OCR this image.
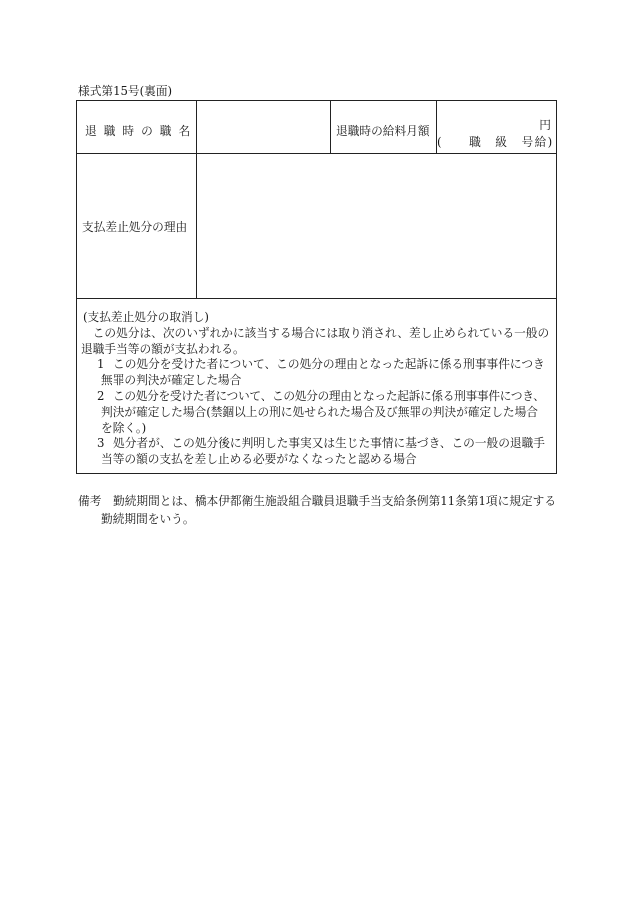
様式第15号(裏面)
退職時の職名	退職時の給料月額	円
(　　職　級　号給)
支払差止処分の理由
(支払差止処分の取消し)
この処分は、次のいずれかに該当する場合には取り消され、差し止められている一般の
退職手当等の額が支払われる。
1 この処分を受けた者について、この処分の理由となった起訴に係る刑事事件につき
無罪の判決が確定した場合
2 この処分を受けた者について、この処分の理由となった起訴に係る刑事事件につき、
判決が確定した場合(禁錮以上の刑に処せられた場合及び無罪の判決が確定した場合
を除く。)
3 処分者が、この処分後に判明した事実又は生じた事情に基づき、この一般の退職手
当等の額の支払を差し止める必要がなくなったと認める場合
備考 勤続期間とは、橋本伊都衛生施設組合職員退職手当支給条例第11条第1項に規定する
勤続期間をいう。
